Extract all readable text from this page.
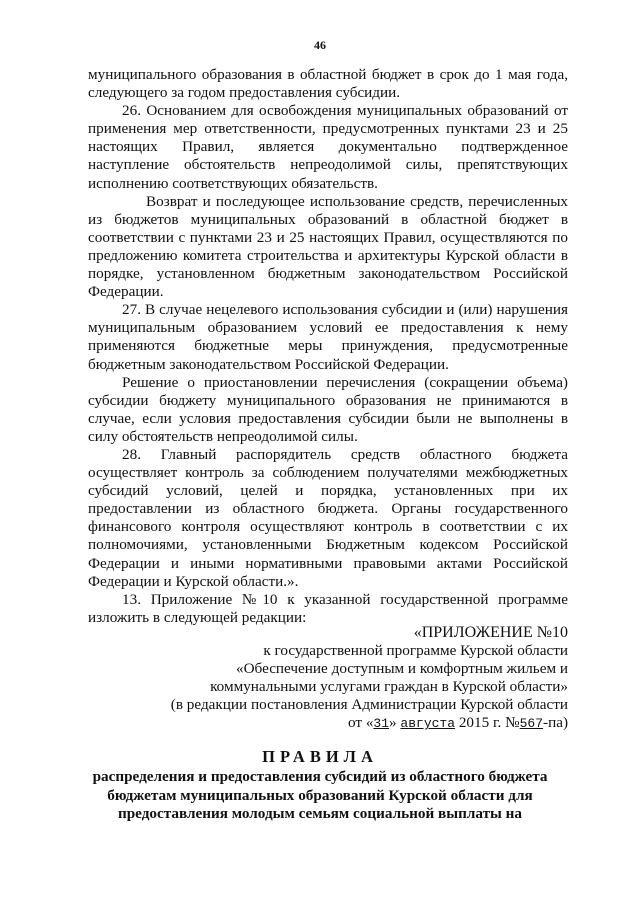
46

муниципального образования в областной бюджет в срок до 1 мая года, следующего за годом предоставления субсидии.

26. Основанием для освобождения муниципальных образований от применения мер ответственности, предусмотренных пунктами 23 и 25 настоящих Правил, является документально подтвержденное наступление обстоятельств непреодолимой силы, препятствующих исполнению соответствующих обязательств.

Возврат и последующее использование средств, перечисленных из бюджетов муниципальных образований в областной бюджет в соответствии с пунктами 23 и 25 настоящих Правил, осуществляются по предложению комитета строительства и архитектуры Курской области в порядке, установленном бюджетным законодательством Российской Федерации.

27. В случае нецелевого использования субсидии и (или) нарушения муниципальным образованием условий ее предоставления к нему применяются бюджетные меры принуждения, предусмотренные бюджетным законодательством Российской Федерации.

Решение о приостановлении перечисления (сокращении объема) субсидии бюджету муниципального образования не принимаются в случае, если условия предоставления субсидии были не выполнены в силу обстоятельств непреодолимой силы.

28. Главный распорядитель средств областного бюджета осуществляет контроль за соблюдением получателями межбюджетных субсидий условий, целей и порядка, установленных при их предоставлении из областного бюджета. Органы государственного финансового контроля осуществляют контроль в соответствии с их полномочиями, установленными Бюджетным кодексом Российской Федерации и иными нормативными правовыми актами Российской Федерации и Курской области.».

13. Приложение №10 к указанной государственной программе изложить в следующей редакции:

«ПРИЛОЖЕНИЕ №10
к государственной программе Курской области
«Обеспечение доступным и комфортным жильем и
коммунальными услугами граждан в Курской области»
(в редакции постановления Администрации Курской области
от «31» августа 2015 г. №567-па)
ПРАВИЛА
распределения и предоставления субсидий из областного бюджета
бюджетам муниципальных образований Курской области для
предоставления молодым семьям социальной выплаты на
